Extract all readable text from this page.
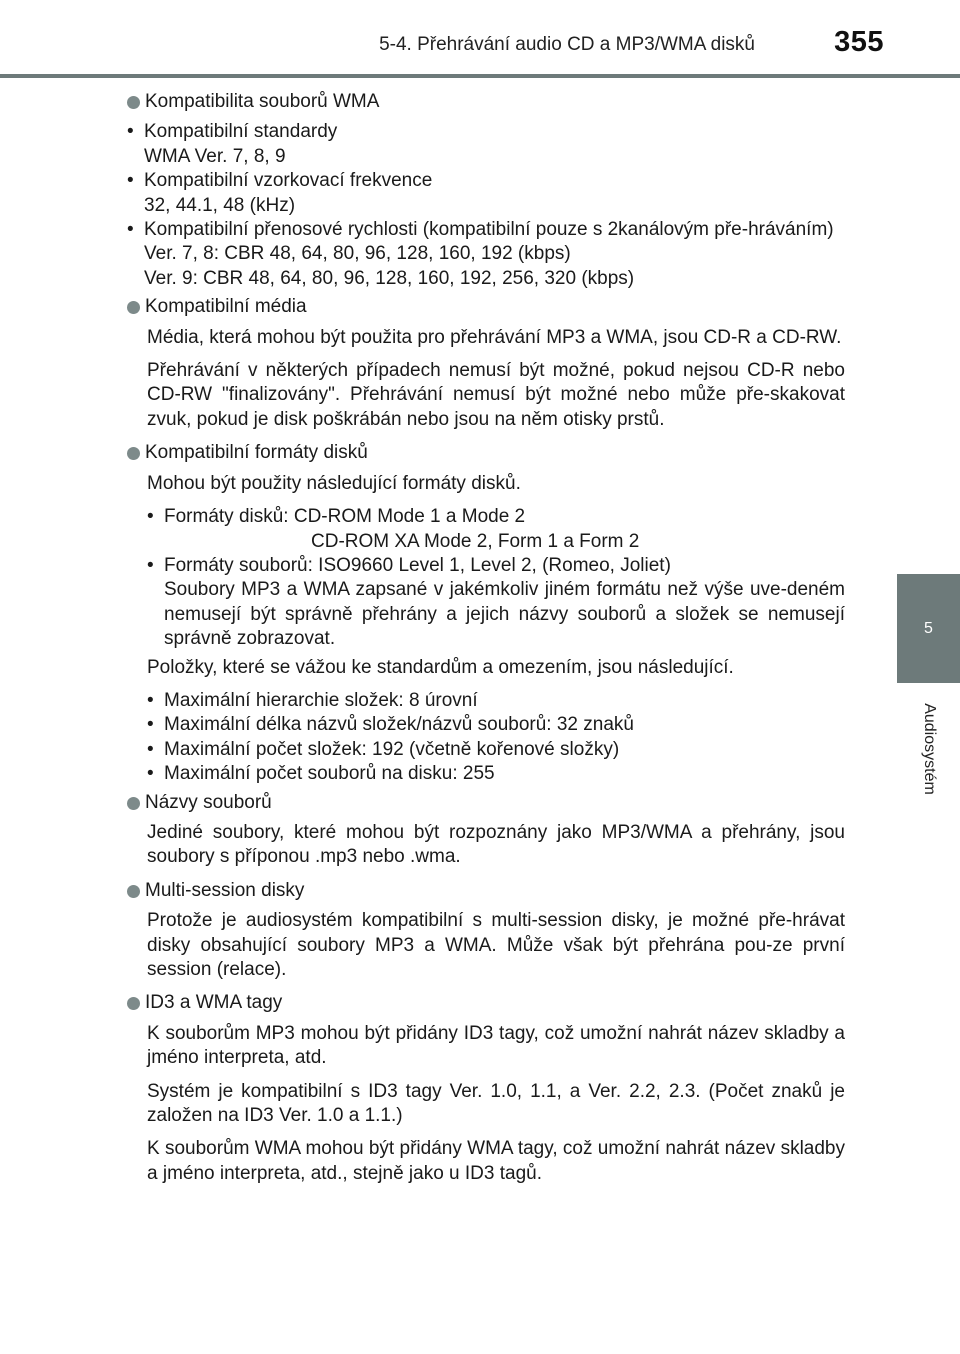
5-4. Přehrávání audio CD a MP3/WMA disků	355
5
Audiosystém
Kompatibilita souborů WMA
• Kompatibilní standardy
WMA Ver. 7, 8, 9
• Kompatibilní vzorkovací frekvence
32, 44.1, 48 (kHz)
• Kompatibilní přenosové rychlosti (kompatibilní pouze s 2kanálovým pře-hráváním)
Ver. 7, 8: CBR 48, 64, 80, 96, 128, 160, 192 (kbps)
Ver. 9: CBR 48, 64, 80, 96, 128, 160, 192, 256, 320 (kbps)
Kompatibilní média

Média, která mohou být použita pro přehrávání MP3 a WMA, jsou CD-R a CD-RW.

Přehrávání v některých případech nemusí být možné, pokud nejsou CD-R nebo CD-RW "finalizovány". Přehrávání nemusí být možné nebo může pře-skakovat zvuk, pokud je disk poškrábán nebo jsou na něm otisky prstů.

Kompatibilní formáty disků

Mohou být použity následující formáty disků.

• Formáty disků: CD-ROM Mode 1 a Mode 2
CD-ROM XA Mode 2, Form 1 a Form 2
• Formáty souborů: ISO9660 Level 1, Level 2, (Romeo, Joliet)
Soubory MP3 a WMA zapsané v jakémkoliv jiném formátu než výše uve-deném nemusejí být správně přehrány a jejich názvy souborů a složek se nemusejí správně zobrazovat.

Položky, které se vážou ke standardům a omezením, jsou následující.

• Maximální hierarchie složek: 8 úrovní
• Maximální délka názvů složek/názvů souborů: 32 znaků
• Maximální počet složek: 192 (včetně kořenové složky)
• Maximální počet souborů na disku: 255
Názvy souborů

Jediné soubory, které mohou být rozpoznány jako MP3/WMA a přehrány, jsou soubory s příponou .mp3 nebo .wma.

Multi-session disky

Protože je audiosystém kompatibilní s multi-session disky, je možné pře-hrávat disky obsahující soubory MP3 a WMA. Může však být přehrána pou-ze první session (relace).

ID3 a WMA tagy

K souborům MP3 mohou být přidány ID3 tagy, což umožní nahrát název skladby a jméno interpreta, atd.

Systém je kompatibilní s ID3 tagy Ver. 1.0, 1.1, a Ver. 2.2, 2.3. (Počet znaků je založen na ID3 Ver. 1.0 a 1.1.)

K souborům WMA mohou být přidány WMA tagy, což umožní nahrát název skladby a jméno interpreta, atd., stejně jako u ID3 tagů.
